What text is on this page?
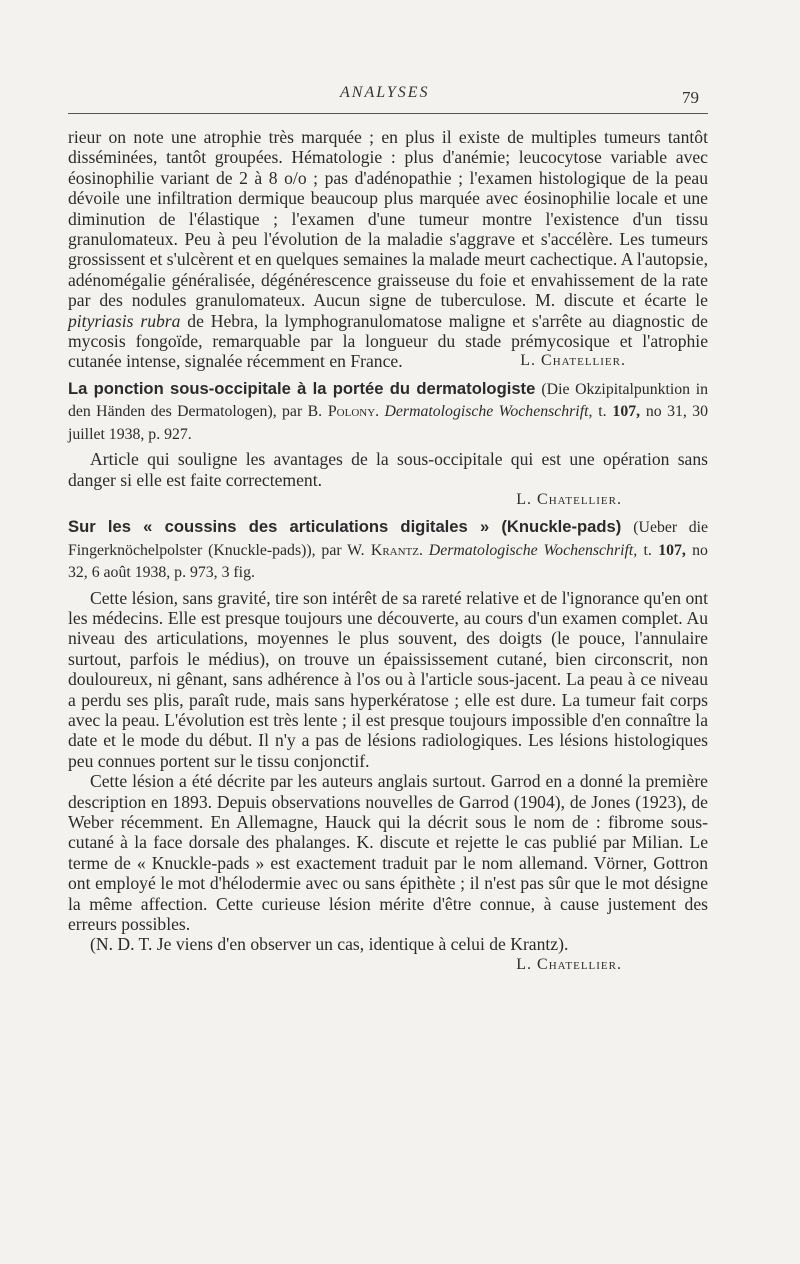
ANALYSES	79

rieur on note une atrophie très marquée ; en plus il existe de multiples tumeurs tantôt disséminées, tantôt groupées. Hématologie : plus d'anémie; leucocytose variable avec éosinophilie variant de 2 à 8 o/o ; pas d'adénopathie ; l'examen histologique de la peau dévoile une infiltration dermique beaucoup plus marquée avec éosinophilie locale et une diminution de l'élastique ; l'examen d'une tumeur montre l'existence d'un tissu granulomateux. Peu à peu l'évolution de la maladie s'aggrave et s'accélère. Les tumeurs grossissent et s'ulcèrent et en quelques semaines la malade meurt cachectique. A l'autopsie, adénomégalie généralisée, dégénérescence graisseuse du foie et envahissement de la rate par des nodules granulomateux. Aucun signe de tuberculose. M. discute et écarte le pityriasis rubra de Hebra, la lymphogranulomatose maligne et s'arrête au diagnostic de mycosis fongoïde, remarquable par la longueur du stade prémycosique et l'atrophie cutanée intense, signalée récemment en France.	L. Chatellier.

La ponction sous-occipitale à la portée du dermatologiste (Die Okzipitalpunktion in den Händen des Dermatologen), par B. Polony. Dermatologische Wochenschrift, t. 107, no 31, 30 juillet 1938, p. 927.

Article qui souligne les avantages de la sous-occipitale qui est une opération sans danger si elle est faite correctement.

L. Chatellier.

Sur les « coussins des articulations digitales » (Knuckle-pads) (Ueber die Fingerknöchelpolster (Knuckle-pads)), par W. Krantz. Dermatologische Wochenschrift, t. 107, no 32, 6 août 1938, p. 973, 3 fig.

Cette lésion, sans gravité, tire son intérêt de sa rareté relative et de l'ignorance qu'en ont les médecins. Elle est presque toujours une découverte, au cours d'un examen complet. Au niveau des articulations, moyennes le plus souvent, des doigts (le pouce, l'annulaire surtout, parfois le médius), on trouve un épaississement cutané, bien circonscrit, non douloureux, ni gênant, sans adhérence à l'os ou à l'article sous-jacent. La peau à ce niveau a perdu ses plis, paraît rude, mais sans hyperkératose ; elle est dure. La tumeur fait corps avec la peau. L'évolution est très lente ; il est presque toujours impossible d'en connaître la date et le mode du début. Il n'y a pas de lésions radiologiques. Les lésions histologiques peu connues portent sur le tissu conjonctif.

Cette lésion a été décrite par les auteurs anglais surtout. Garrod en a donné la première description en 1893. Depuis observations nouvelles de Garrod (1904), de Jones (1923), de Weber récemment. En Allemagne, Hauck qui la décrit sous le nom de : fibrome sous-cutané à la face dorsale des phalanges. K. discute et rejette le cas publié par Milian. Le terme de « Knuckle-pads » est exactement traduit par le nom allemand. Vörner, Gottron ont employé le mot d'hélodermie avec ou sans épithète ; il n'est pas sûr que le mot désigne la même affection. Cette curieuse lésion mérite d'être connue, à cause justement des erreurs possibles.

(N. D. T. Je viens d'en observer un cas, identique à celui de Krantz).

L. Chatellier.
